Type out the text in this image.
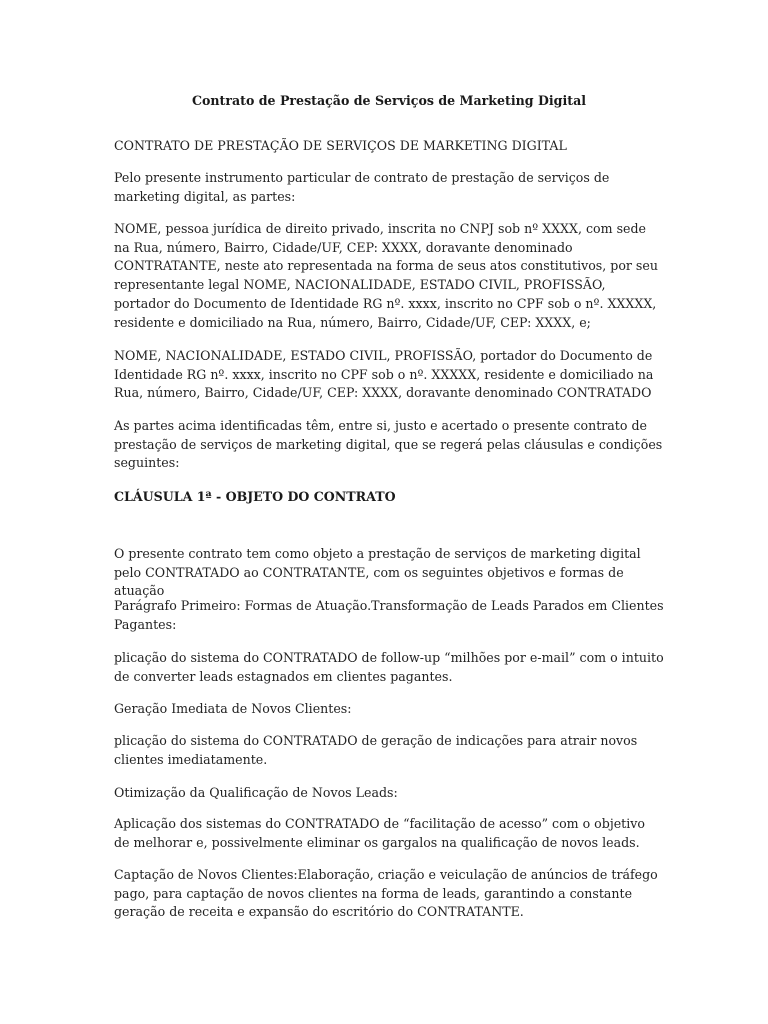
Contrato de Prestação de Serviços de Marketing Digital

CONTRATO DE PRESTAÇÃO DE SERVIÇOS DE MARKETING DIGITAL

Pelo presente instrumento particular de contrato de prestação de serviços de marketing digital, as partes:

NOME, pessoa jurídica de direito privado, inscrita no CNPJ sob nº XXXX, com sede na Rua, número, Bairro, Cidade/UF, CEP: XXXX, doravante denominado CONTRATANTE, neste ato representada na forma de seus atos constitutivos, por seu representante legal NOME, NACIONALIDADE, ESTADO CIVIL, PROFISSÃO, portador do Documento de Identidade RG nº. xxxx, inscrito no CPF sob o nº. XXXXX, residente e domiciliado na Rua, número, Bairro, Cidade/UF, CEP: XXXX, e;

NOME, NACIONALIDADE, ESTADO CIVIL, PROFISSÃO, portador do Documento de Identidade RG nº. xxxx, inscrito no CPF sob o nº. XXXXX, residente e domiciliado na Rua, número, Bairro, Cidade/UF, CEP: XXXX, doravante denominado CONTRATADO

As partes acima identificadas têm, entre si, justo e acertado o presente contrato de prestação de serviços de marketing digital, que se regerá pelas cláusulas e condições seguintes:

CLÁUSULA 1ª - OBJETO DO CONTRATO

O presente contrato tem como objeto a prestação de serviços de marketing digital pelo CONTRATADO ao CONTRATANTE, com os seguintes objetivos e formas de atuação

Parágrafo Primeiro: Formas de Atuação.Transformação de Leads Parados em Clientes Pagantes:

plicação do sistema do CONTRATADO de follow-up “milhões por e-mail” com o intuito de converter leads estagnados em clientes pagantes.

Geração Imediata de Novos Clientes:

plicação do sistema do CONTRATADO de geração de indicações para atrair novos clientes imediatamente.

Otimização da Qualificação de Novos Leads:

Aplicação dos sistemas do CONTRATADO de “facilitação de acesso” com o objetivo de melhorar e, possivelmente eliminar os gargalos na qualificação de novos leads.

Captação de Novos Clientes:Elaboração, criação e veiculação de anúncios de tráfego pago, para captação de novos clientes na forma de leads, garantindo a constante geração de receita e expansão do escritório do CONTRATANTE.
